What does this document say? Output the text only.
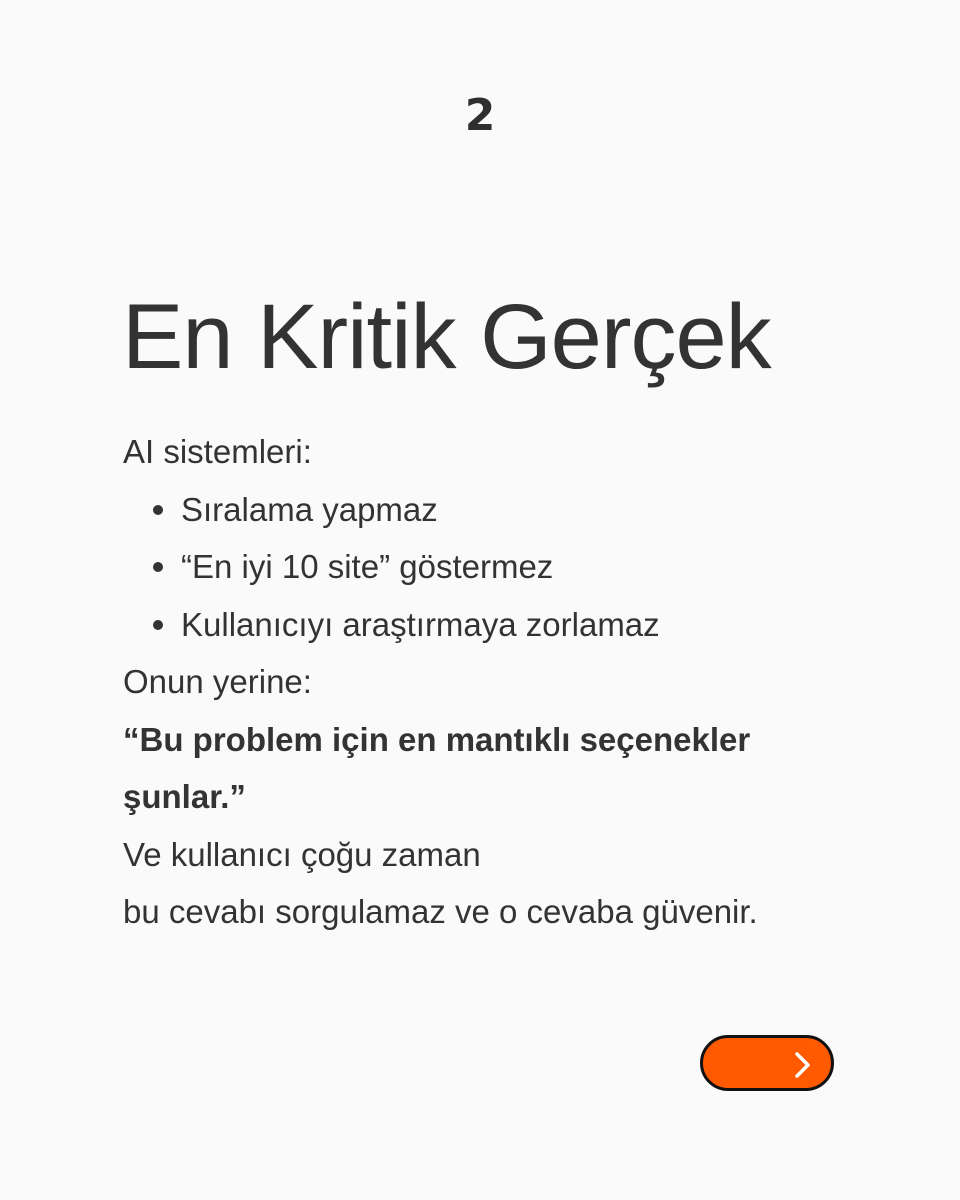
2
En Kritik Gerçek
AI sistemleri:
Sıralama yapmaz
“En iyi 10 site” göstermez
Kullanıcıyı araştırmaya zorlamaz
Onun yerine:
“Bu problem için en mantıklı seçenekler
şunlar.”
Ve kullanıcı çoğu zaman
bu cevabı sorgulamaz ve o cevaba güvenir.
